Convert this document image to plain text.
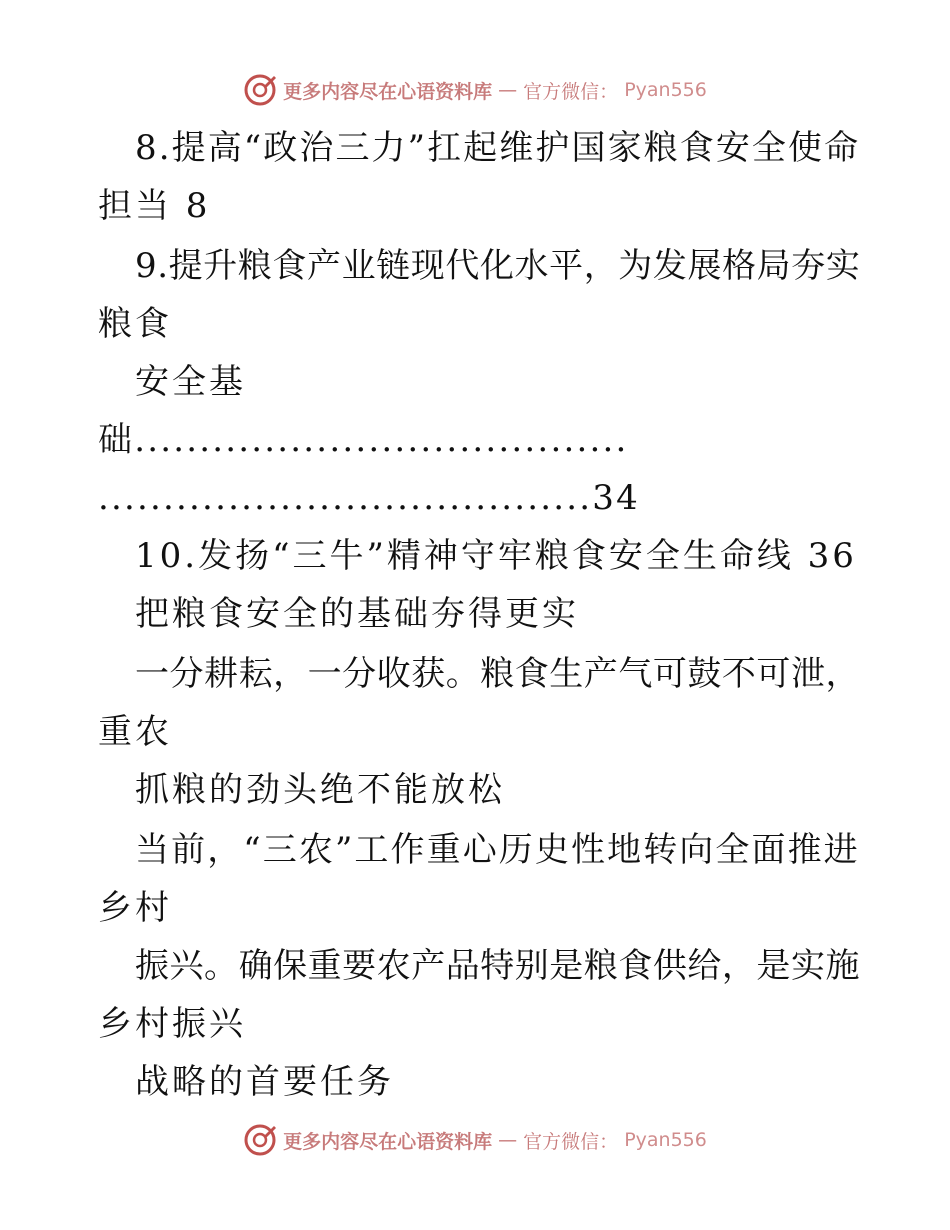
更多内容尽在心语资料库 — 官方微信： Pyan556
8.提高“政治三力”扛起维护国家粮食安全使命
担当 8
9.提升粮食产业链现代化水平，为发展格局夯实
粮食
安全基
础......................................
......................................34
10.发扬“三牛”精神守牢粮食安全生命线 36
把粮食安全的基础夯得更实
一分耕耘，一分收获。粮食生产气可鼓不可泄，
重农
抓粮的劲头绝不能放松
当前，“三农”工作重心历史性地转向全面推进
乡村
振兴。确保重要农产品特别是粮食供给，是实施
乡村振兴
战略的首要任务
更多内容尽在心语资料库 — 官方微信： Pyan556
